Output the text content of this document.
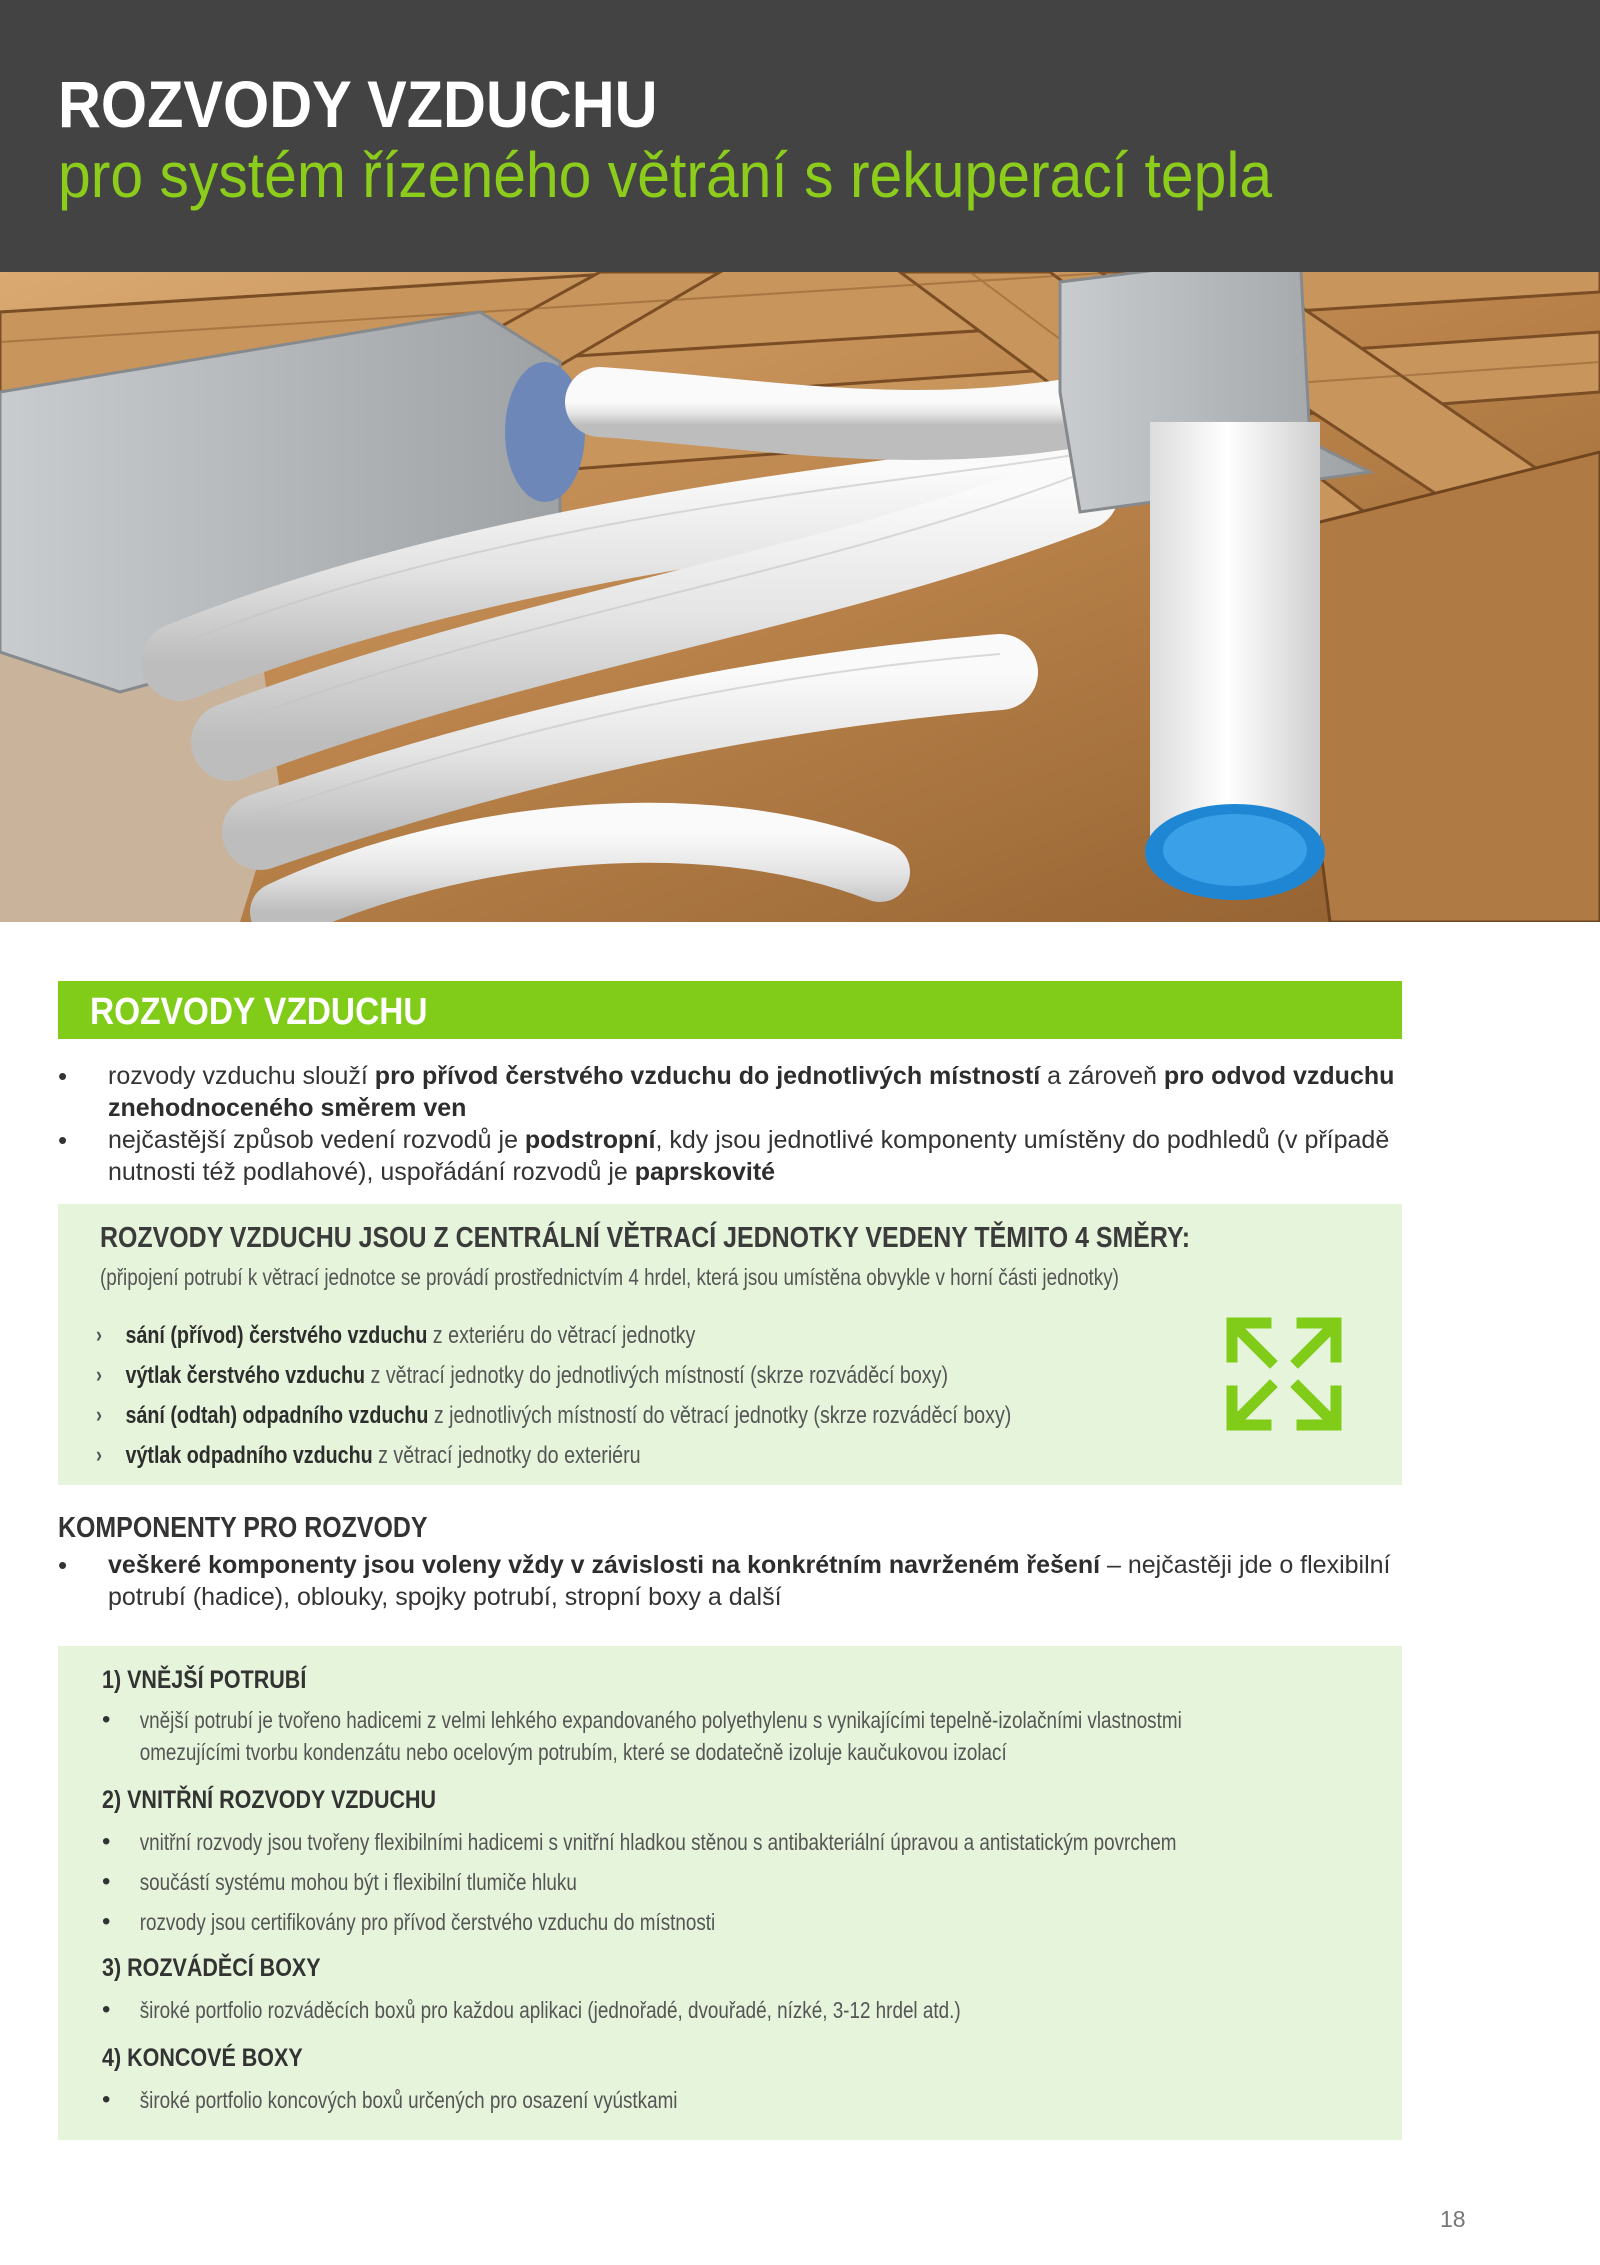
ROZVODY VZDUCHU
pro systém řízeného větrání s rekuperací tepla
ROZVODY VZDUCHU
• rozvody vzduchu slouží pro přívod čerstvého vzduchu do jednotlivých místností a zároveň pro odvod vzduchu znehodnoceného směrem ven
• nejčastější způsob vedení rozvodů je podstropní, kdy jsou jednotlivé komponenty umístěny do podhledů (v případě nutnosti též podlahové), uspořádání rozvodů je paprskovité
ROZVODY VZDUCHU JSOU Z CENTRÁLNÍ VĚTRACÍ JEDNOTKY VEDENY TĚMITO 4 SMĚRY:
(připojení potrubí k větrací jednotce se provádí prostřednictvím 4 hrdel, která jsou umístěna obvykle v horní části jednotky)
› sání (přívod) čerstvého vzduchu z exteriéru do větrací jednotky
› výtlak čerstvého vzduchu z větrací jednotky do jednotlivých místností (skrze rozváděcí boxy)
› sání (odtah) odpadního vzduchu z jednotlivých místností do větrací jednotky (skrze rozváděcí boxy)
› výtlak odpadního vzduchu z větrací jednotky do exteriéru
KOMPONENTY PRO ROZVODY
• veškeré komponenty jsou voleny vždy v závislosti na konkrétním navrženém řešení – nejčastěji jde o flexibilní potrubí (hadice), oblouky, spojky potrubí, stropní boxy a další
1) VNĚJŠÍ POTRUBÍ
•	vnější potrubí je tvořeno hadicemi z velmi lehkého expandovaného polyethylenu s vynikajícími tepelně-izolačními vlastnostmi
omezujícími tvorbu kondenzátu nebo ocelovým potrubím, které se dodatečně izoluje kaučukovou izolací
2) VNITŘNÍ ROZVODY VZDUCHU
•	vnitřní rozvody jsou tvořeny flexibilními hadicemi s vnitřní hladkou stěnou s antibakteriální úpravou a antistatickým povrchem
•	součástí systému mohou být i flexibilní tlumiče hluku
•	rozvody jsou certifikovány pro přívod čerstvého vzduchu do místnosti
3) ROZVÁDĚCÍ BOXY
•	široké portfolio rozváděcích boxů pro každou aplikaci (jednořadé, dvouřadé, nízké, 3-12 hrdel atd.)
4) KONCOVÉ BOXY
•	široké portfolio koncových boxů určených pro osazení vyústkami
18
